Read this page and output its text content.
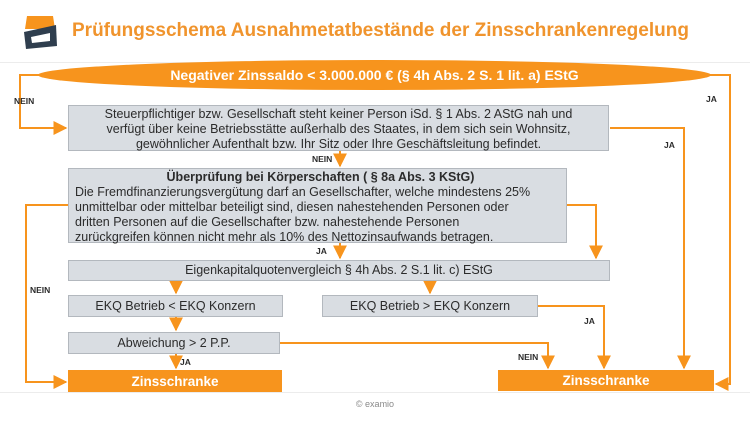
Prüfungsschema Ausnahmetatbestände der Zinsschrankenregelung
Negativer Zinssaldo < 3.000.000 € (§ 4h Abs. 2 S. 1 lit. a) EStG
Steuerpflichtiger bzw. Gesellschaft steht keiner Person iSd. § 1 Abs. 2 AStG nah und
verfügt über keine Betriebsstätte außerhalb des Staates, in dem sich sein Wohnsitz,
gewöhnlicher Aufenthalt bzw. Ihr Sitz oder Ihre Geschäftsleitung befindet.
Überprüfung bei Körperschaften ( § 8a Abs. 3 KStG)
Die Fremdfinanzierungsvergütung darf an Gesellschafter, welche mindestens 25%
unmittelbar oder mittelbar beteiligt sind, diesen nahestehenden Personen oder
dritten Personen auf die Gesellschafter bzw. nahestehende Personen
zurückgreifen können nicht mehr als 10% des Nettozinsaufwands betragen.
Eigenkapitalquotenvergleich § 4h Abs. 2 S.1 lit. c) EStG
EKQ Betrieb < EKQ Konzern	EKQ Betrieb > EKQ Konzern
Abweichung > 2 P.P.
Zinsschranke	Zinsschranke
NEIN	JA
NEIN
JA
JA
NEIN
JA
JA	NEIN
© examio
